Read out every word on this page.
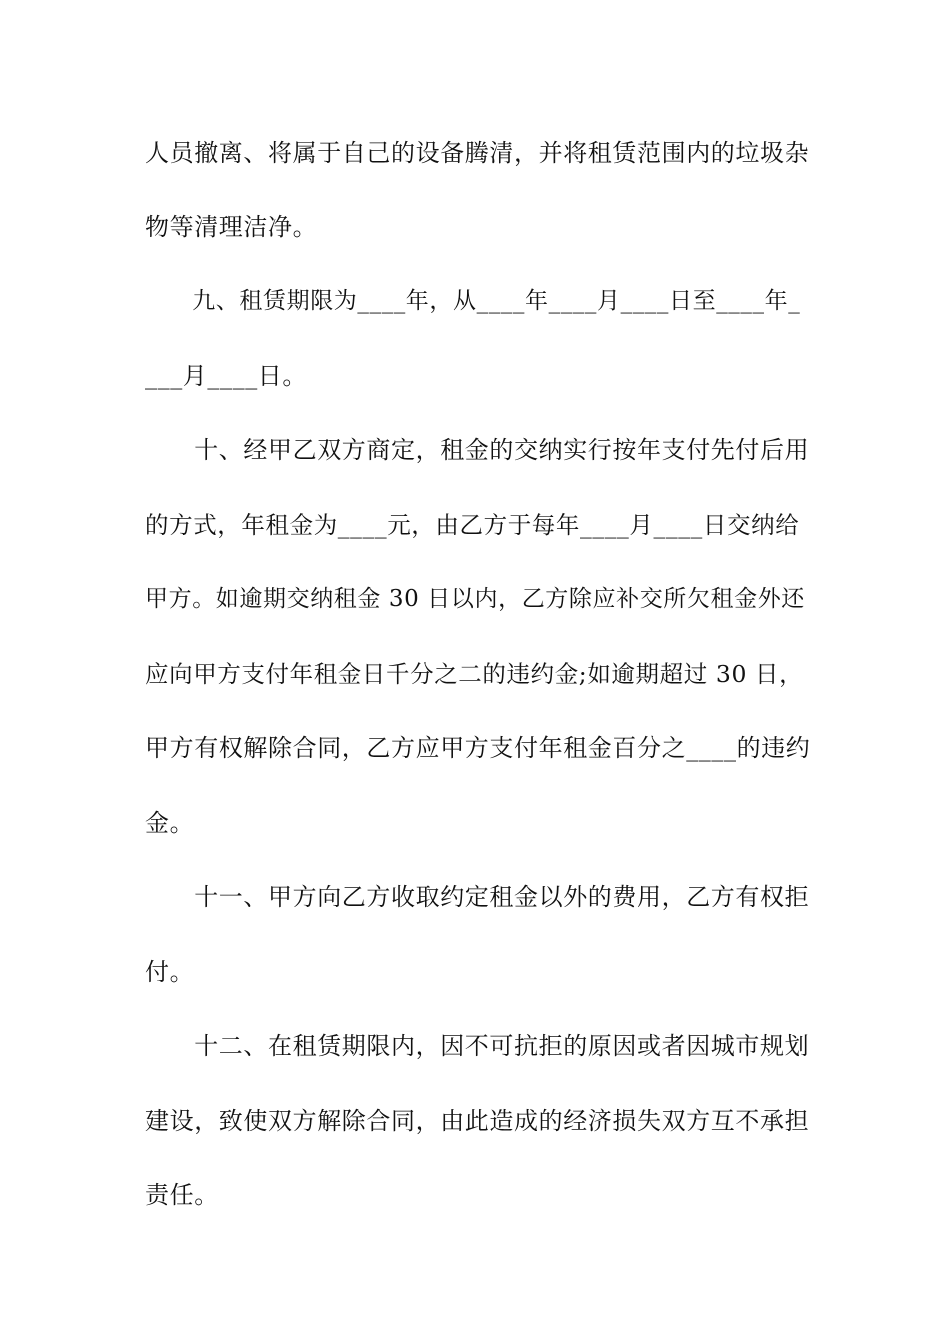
人员撤离、将属于自己的设备腾清，并将租赁范围内的垃圾杂
物等清理洁净。
　　九、租赁期限为____年，从____年____月____日至____年_
___月____日。
　　十、经甲乙双方商定，租金的交纳实行按年支付先付后用
的方式，年租金为____元，由乙方于每年____月____日交纳给
甲方。如逾期交纳租金 30 日以内，乙方除应补交所欠租金外还
应向甲方支付年租金日千分之二的违约金;如逾期超过 30 日，
甲方有权解除合同，乙方应甲方支付年租金百分之____的违约
金。
　　十一、甲方向乙方收取约定租金以外的费用，乙方有权拒
付。
　　十二、在租赁期限内，因不可抗拒的原因或者因城市规划
建设，致使双方解除合同，由此造成的经济损失双方互不承担
责任。
